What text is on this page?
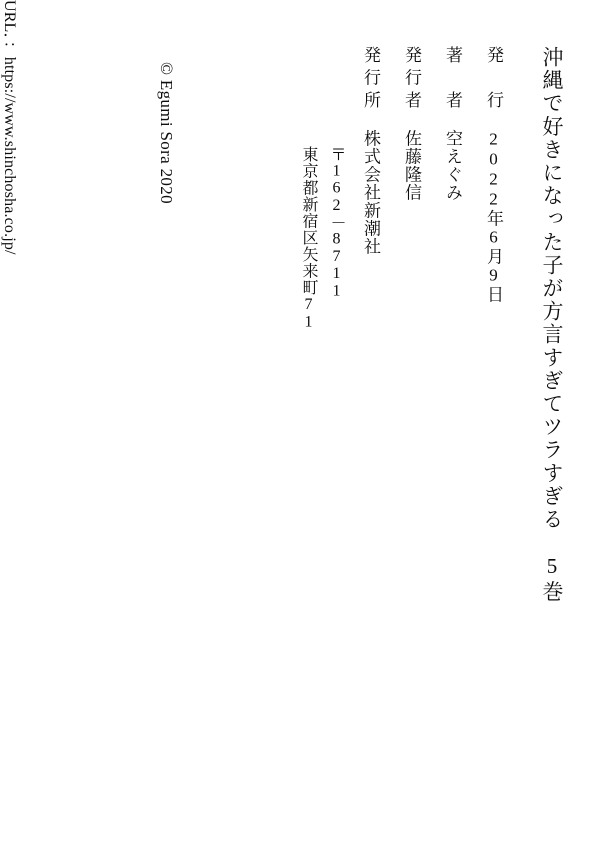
沖縄で好きになった子が方言すぎてツラすぎる　5巻
発　行2022年6月9日
著　者空えぐみ
発行者佐藤隆信
発行所株式会社新潮社
〒162－8711
東京都新宿区矢来町71
URL．：https://www.shinchosha.co.jp/	© Egumi Sora 2020
